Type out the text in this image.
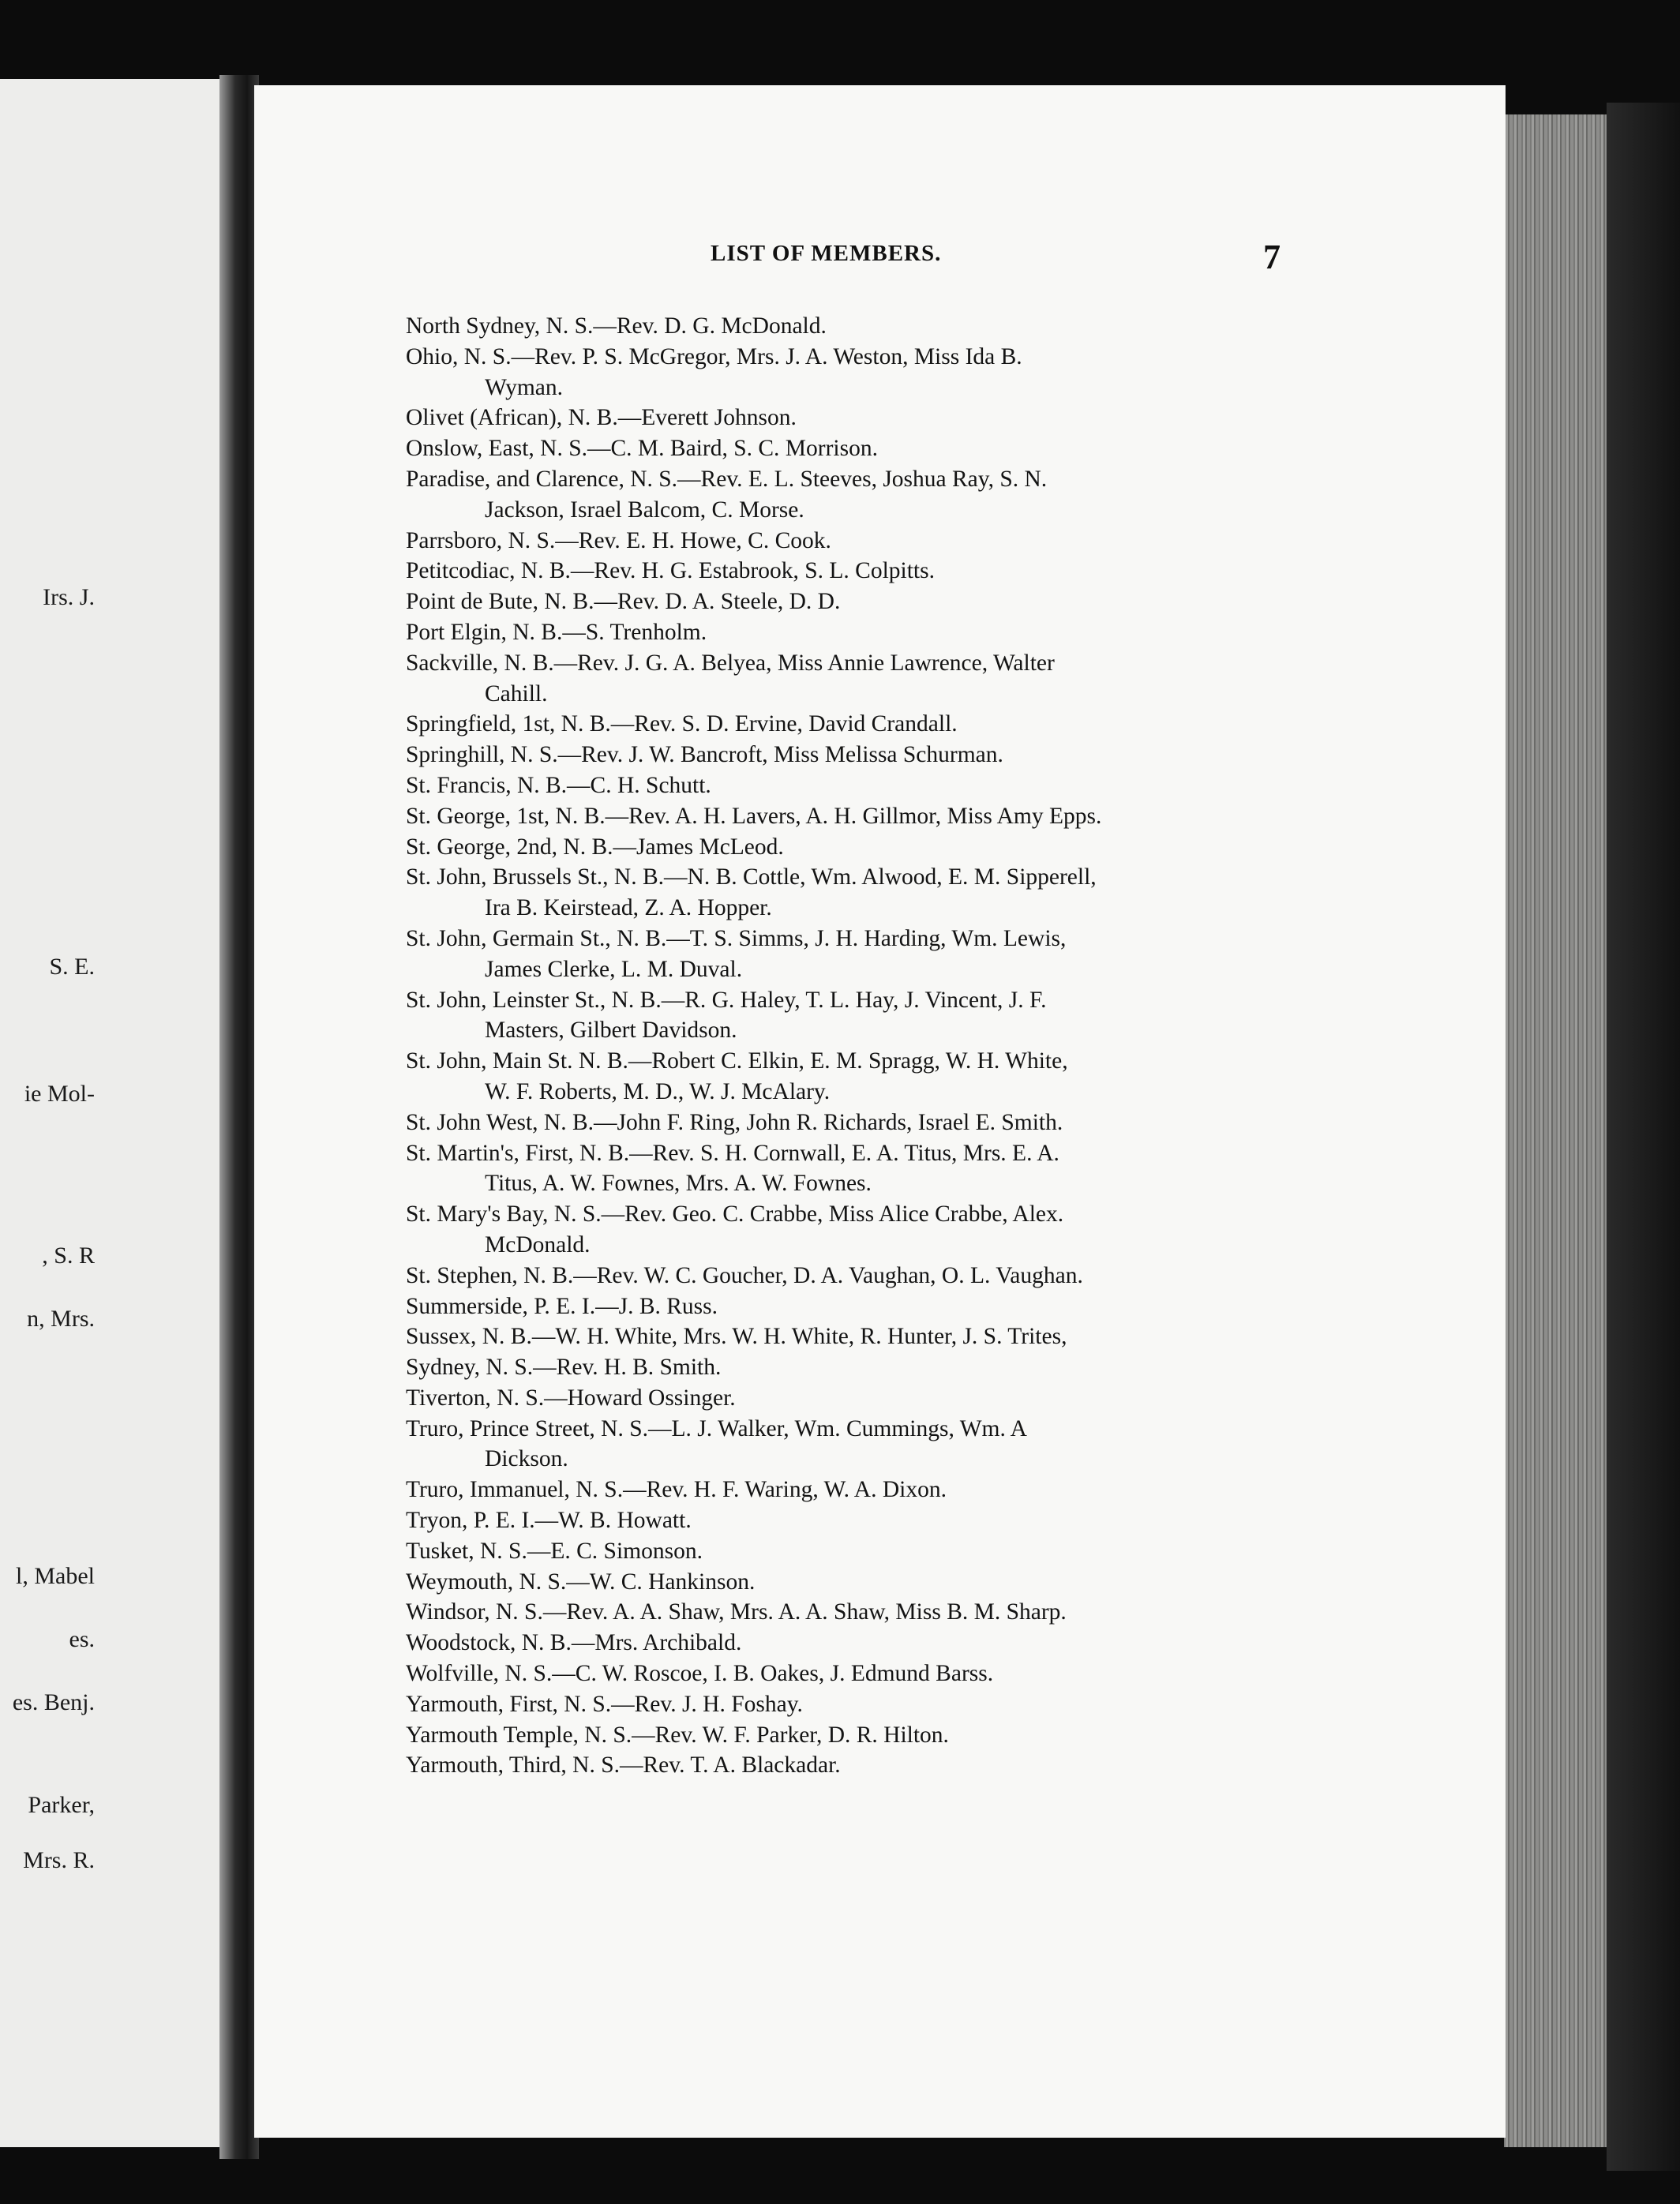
Irs. J.
S. E.
ie Mol-
, S. R
n, Mrs.
l, Mabel
es.
es. Benj.
Parker,
Mrs. R.
LIST OF MEMBERS.	7

North Sydney, N. S.—Rev. D. G. McDonald.

Ohio, N. S.—Rev. P. S. McGregor, Mrs. J. A. Weston, Miss Ida B.
Wyman.

Olivet (African), N. B.—Everett Johnson.

Onslow, East, N. S.—C. M. Baird, S. C. Morrison.

Paradise, and Clarence, N. S.—Rev. E. L. Steeves, Joshua Ray, S. N.
Jackson, Israel Balcom, C. Morse.

Parrsboro, N. S.—Rev. E. H. Howe, C. Cook.

Petitcodiac, N. B.—Rev. H. G. Estabrook, S. L. Colpitts.

Point de Bute, N. B.—Rev. D. A. Steele, D. D.

Port Elgin, N. B.—S. Trenholm.

Sackville, N. B.—Rev. J. G. A. Belyea, Miss Annie Lawrence, Walter
Cahill.

Springfield, 1st, N. B.—Rev. S. D. Ervine, David Crandall.

Springhill, N. S.—Rev. J. W. Bancroft, Miss Melissa Schurman.

St. Francis, N. B.—C. H. Schutt.

St. George, 1st, N. B.—Rev. A. H. Lavers, A. H. Gillmor, Miss Amy Epps.

St. George, 2nd, N. B.—James McLeod.

St. John, Brussels St., N. B.—N. B. Cottle, Wm. Alwood, E. M. Sipperell,
Ira B. Keirstead, Z. A. Hopper.

St. John, Germain St., N. B.—T. S. Simms, J. H. Harding, Wm. Lewis,
James Clerke, L. M. Duval.

St. John, Leinster St., N. B.—R. G. Haley, T. L. Hay, J. Vincent, J. F.
Masters, Gilbert Davidson.

St. John, Main St. N. B.—Robert C. Elkin, E. M. Spragg, W. H. White,
W. F. Roberts, M. D., W. J. McAlary.

St. John West, N. B.—John F. Ring, John R. Richards, Israel E. Smith.

St. Martin's, First, N. B.—Rev. S. H. Cornwall, E. A. Titus, Mrs. E. A.
Titus, A. W. Fownes, Mrs. A. W. Fownes.

St. Mary's Bay, N. S.—Rev. Geo. C. Crabbe, Miss Alice Crabbe, Alex.
McDonald.

St. Stephen, N. B.—Rev. W. C. Goucher, D. A. Vaughan, O. L. Vaughan.

Summerside, P. E. I.—J. B. Russ.

Sussex, N. B.—W. H. White, Mrs. W. H. White, R. Hunter, J. S. Trites,

Sydney, N. S.—Rev. H. B. Smith.

Tiverton, N. S.—Howard Ossinger.

Truro, Prince Street, N. S.—L. J. Walker, Wm. Cummings, Wm. A
Dickson.

Truro, Immanuel, N. S.—Rev. H. F. Waring, W. A. Dixon.

Tryon, P. E. I.—W. B. Howatt.

Tusket, N. S.—E. C. Simonson.

Weymouth, N. S.—W. C. Hankinson.

Windsor, N. S.—Rev. A. A. Shaw, Mrs. A. A. Shaw, Miss B. M. Sharp.

Woodstock, N. B.—Mrs. Archibald.

Wolfville, N. S.—C. W. Roscoe, I. B. Oakes, J. Edmund Barss.

Yarmouth, First, N. S.—Rev. J. H. Foshay.

Yarmouth Temple, N. S.—Rev. W. F. Parker, D. R. Hilton.

Yarmouth, Third, N. S.—Rev. T. A. Blackadar.
